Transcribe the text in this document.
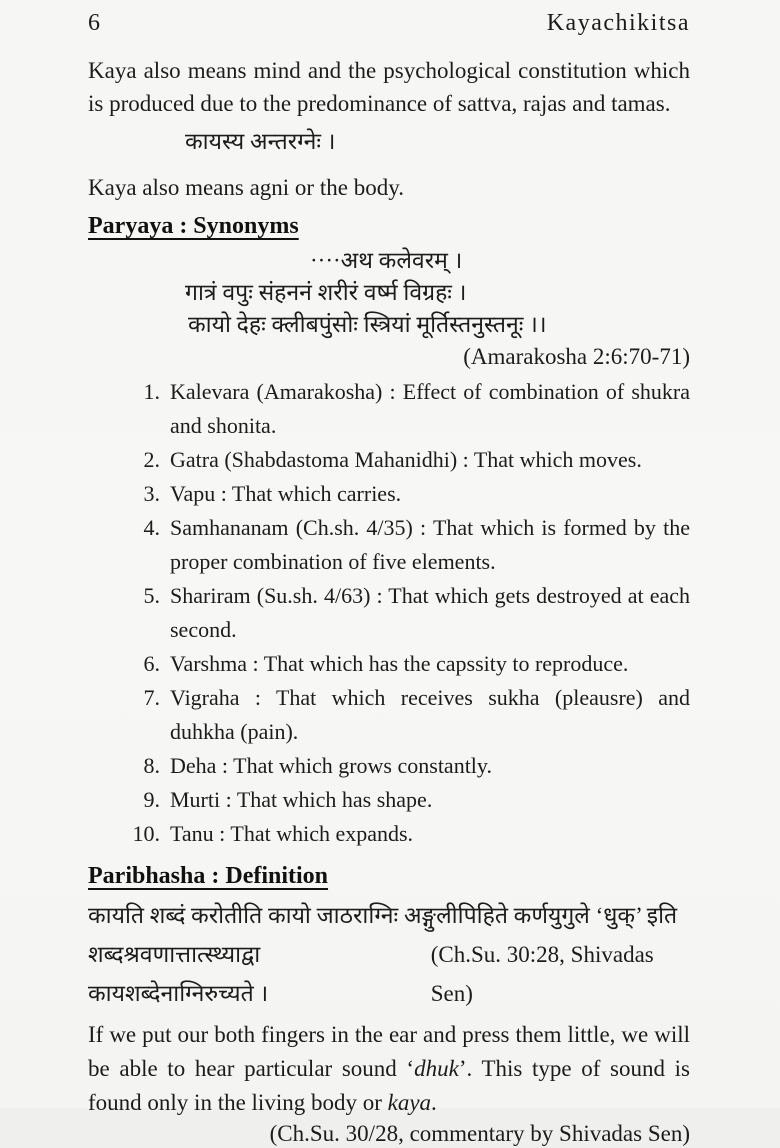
6	Kayachikitsa

Kaya also means mind and the psychological constitution which is produced due to the predominance of sattva, rajas and tamas.

कायस्य अन्तरग्नेः ।

Kaya also means agni or the body.

Paryaya : Synonyms
····अथ कलेवरम् ।
गात्रं वपुः संहननं शरीरं वर्ष्म विग्रहः ।
कायो देहः क्लीबपुंसोः स्त्रियां मूर्तिस्तनुस्तनूः ।।
(Amarakosha 2:6:70-71)
1. Kalevara (Amarakosha) : Effect of combination of shukra and shonita.
2. Gatra (Shabdastoma Mahanidhi) : That which moves.
3. Vapu : That which carries.
4. Samhananam (Ch.sh. 4/35) : That which is formed by the proper combination of five elements.
5. Shariram (Su.sh. 4/63) : That which gets destroyed at each second.
6. Varshma : That which has the capssity to reproduce.
7. Vigraha : That which receives sukha (pleausre) and duhkha (pain).
8. Deha : That which grows constantly.
9. Murti : That which has shape.
10. Tanu : That which expands.
Paribhasha : Definition
कायति शब्दं करोतीति कायो जाठराग्निः अङ्गुलीपिहिते कर्णयुगुले ‘धुक्’ इति
शब्दश्रवणात्तात्स्थ्याद्वा कायशब्देनाग्निरुच्यते ।
(Ch.Su. 30:28, Shivadas Sen)

If we put our both fingers in the ear and press them little, we will be able to hear particular sound ‘dhuk’. This type of sound is found only in the living body or kaya.

(Ch.Su. 30/28, commentary by Shivadas Sen)
